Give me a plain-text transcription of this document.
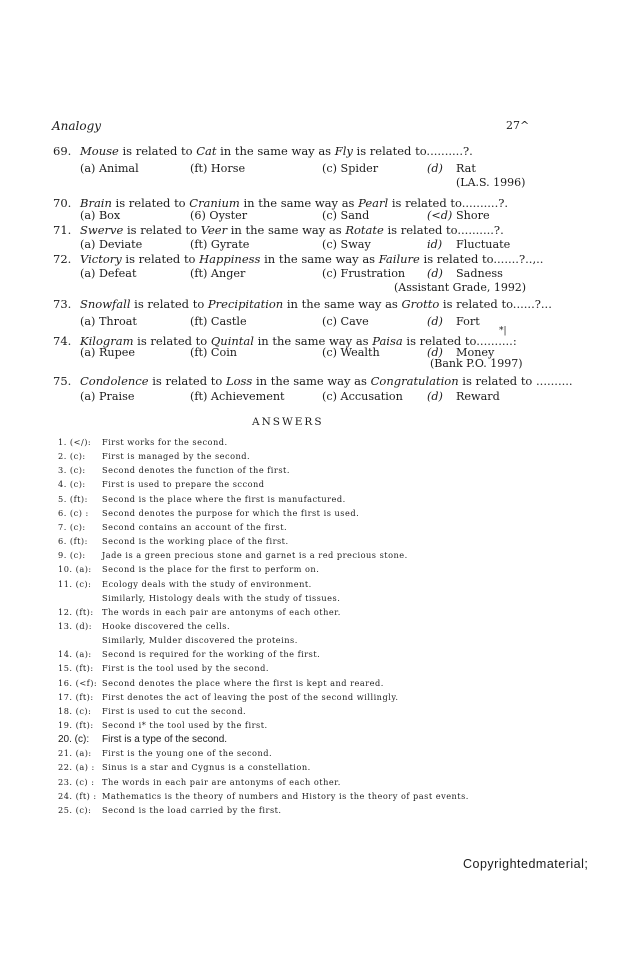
Analogy	27^
69. Mouse is related to Cat in the same way as Fly is related to..........?.
(a) Animal	(ft) Horse	(c) Spider	(d) Rat
(LA.S. 1996)
70. Brain is related to Cranium in the same way as Pearl is related to..........?.
(a) Box	(6) Oyster	(c) Sand	(<d) Shore
71. Swerve is related to Veer in the same way as Rotate is related to..........?.
(a) Deviate	(ft) Gyrate	(c) Sway	id) Fluctuate
72. Victory is related to Happiness in the same way as Failure is related to.......?..,..
(a) Defeat	(ft) Anger	(c) Frustration (d) Sadness
(Assistant Grade, 1992)
73. Snowfall is related to Precipitation in the same way as Grotto is related to......?...
(a) Throat	(ft) Castle	(c) Cave	(d) Fort
74. Kilogram is related to Quintal in the same way as Paisa is related to..........:
(a) Rupee	(ft) Coin	(c) Wealth	(d) Money
(Bank P.O. 1997)
75. Condolence is related to Loss in the same way as Congratulation is related to ..........
(a) Praise	(ft) Achievement	(c) Accusation (d) Reward
*|
ANSWERS
1. (</): First works for the second.
2. (c): First is managed by the second.
3. (c): Second denotes the function of the first.
4. (c): First is used to prepare the sccond
5. (ft): Second is the place where the first is manufactured.
6. (c) : Second denotes the purpose for which the first is used.
7. (c): Second contains an account of the first.
6. (ft): Second is the working place of the first.
9. (c): Jade is a green precious stone and garnet is a red precious stone.
10. (a): Second is the place for the first to perform on.
11. (c): Ecology deals with the study of environment.
Similarly, Histology deals with the study of tissues.
12. (ft): The words in each pair are antonyms of each other.
13. (d): Hooke discovered the cells.
Similarly, Mulder discovered the proteins.
14. (a): Second is required for the working of the first.
15. (ft): First is the tool used by the second.
16. (<f): Second denotes the place where the first is kept and reared.
17. (ft): First denotes the act of leaving the post of the second willingly.
18. (c): First is used to cut the second.
19. (ft): Second i* the tool used by the first.
20. (c): First is a type of the second.
21. (a): First is the young one of the second.
22. (a) : Sinus is a star and Cygnus is a constellation.
23. (c) : The words in each pair are antonyms of each other.
24. (ft) : Mathematics is the theory of numbers and History is the theory of past events.
25. (c): Second is the load carried by the first.
Copyrightedmaterial;
